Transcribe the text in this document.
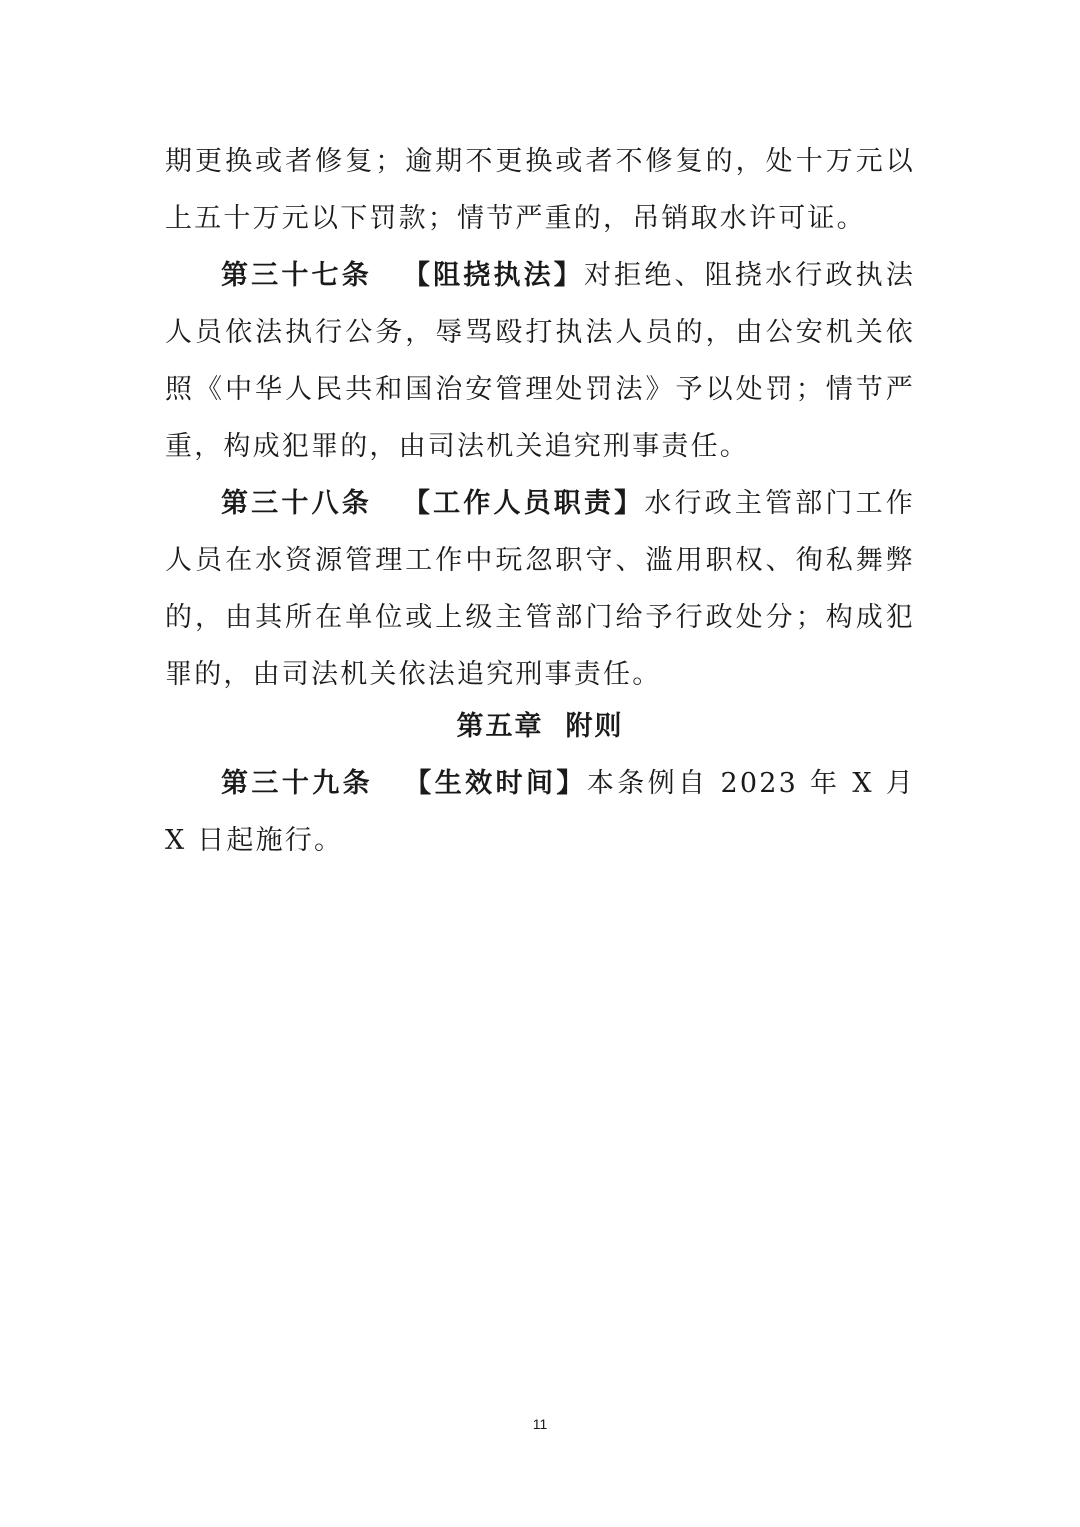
期更换或者修复；逾期不更换或者不修复的，处十万元以上五十万元以下罚款；情节严重的，吊销取水许可证。

第三十七条 【阻挠执法】对拒绝、阻挠水行政执法人员依法执行公务，辱骂殴打执法人员的，由公安机关依照《中华人民共和国治安管理处罚法》予以处罚；情节严重，构成犯罪的，由司法机关追究刑事责任。

第三十八条 【工作人员职责】水行政主管部门工作人员在水资源管理工作中玩忽职守、滥用职权、徇私舞弊的，由其所在单位或上级主管部门给予行政处分；构成犯罪的，由司法机关依法追究刑事责任。

第五章 附则

第三十九条 【生效时间】本条例自 2023 年 X 月 X 日起施行。

11
